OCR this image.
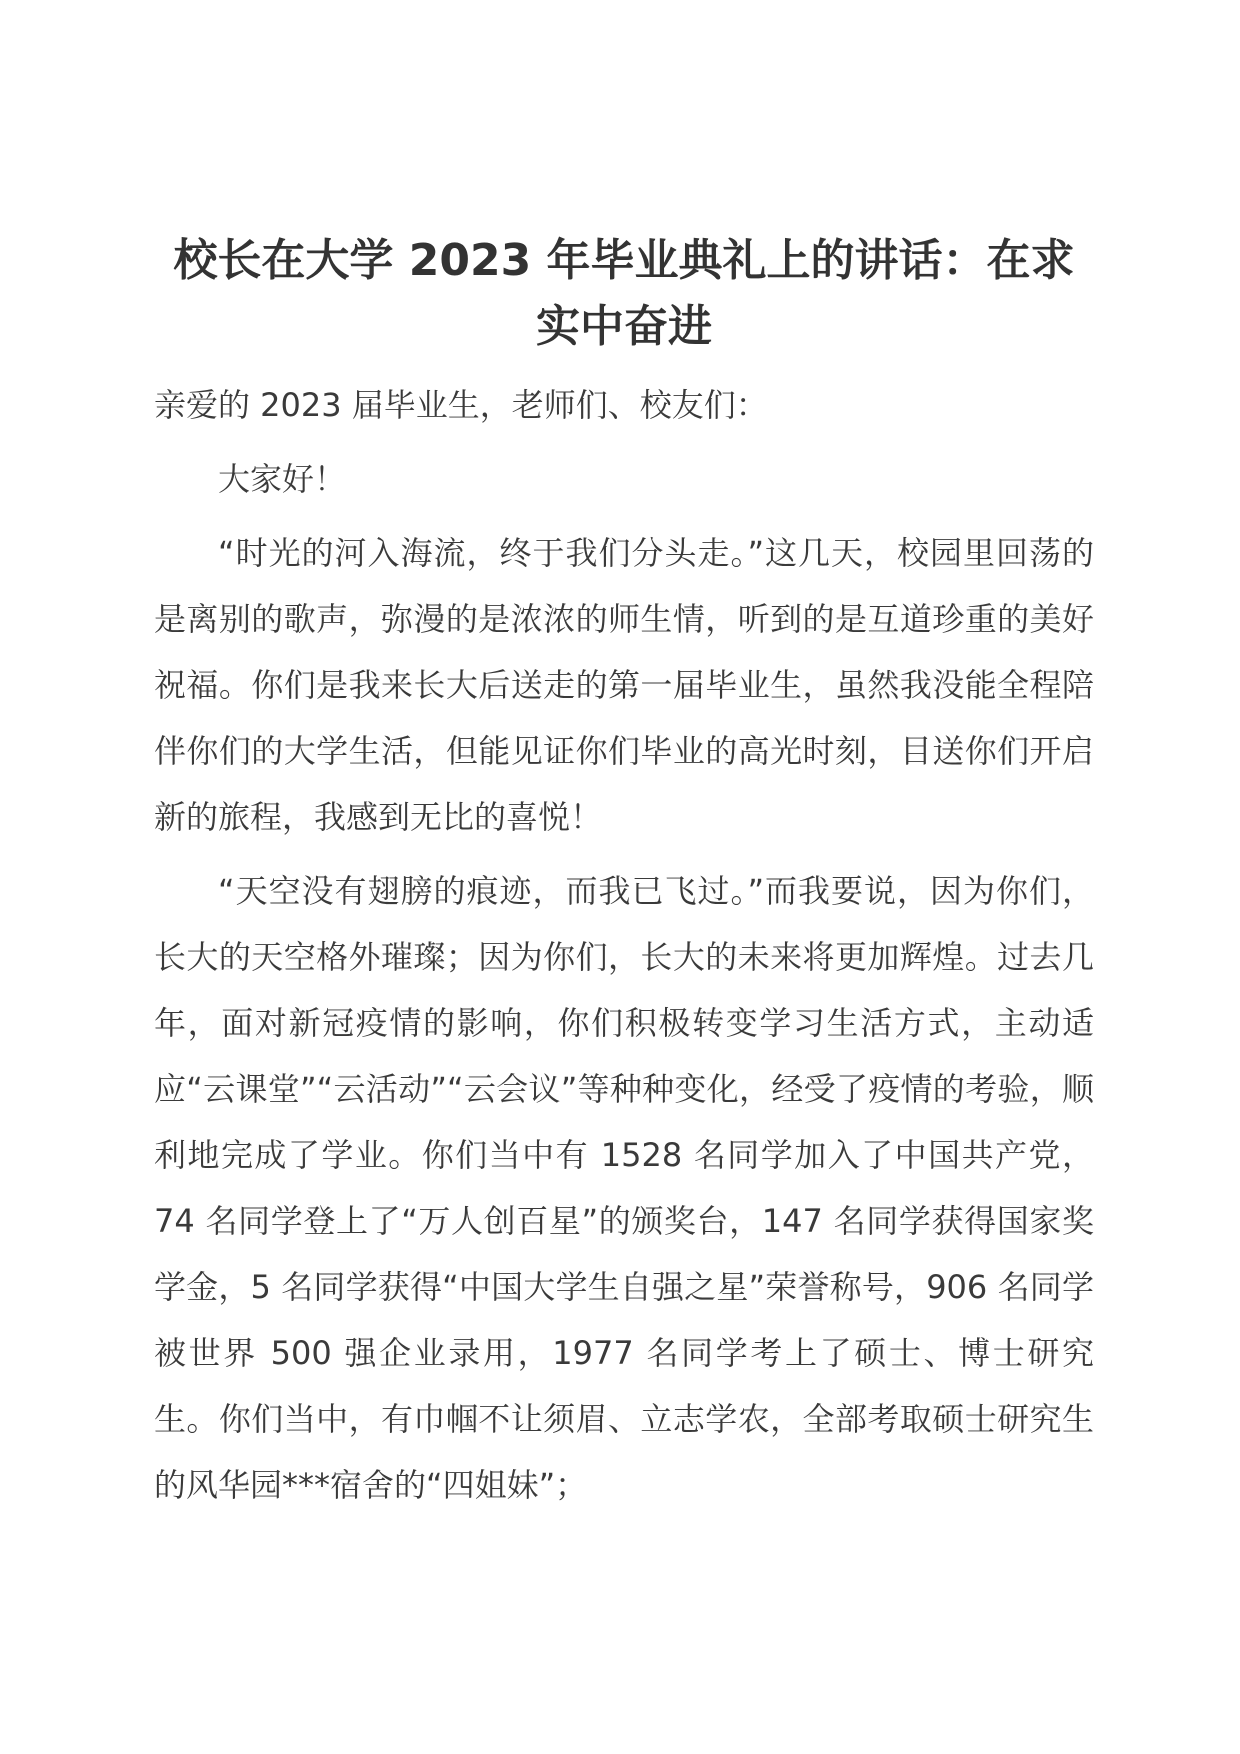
校长在大学 2023 年毕业典礼上的讲话：在求实中奋进

亲爱的 2023 届毕业生，老师们、校友们：

大家好！

“时光的河入海流，终于我们分头走。”这几天，校园里回荡的是离别的歌声，弥漫的是浓浓的师生情，听到的是互道珍重的美好祝福。你们是我来长大后送走的第一届毕业生，虽然我没能全程陪伴你们的大学生活，但能见证你们毕业的高光时刻，目送你们开启新的旅程，我感到无比的喜悦！

“天空没有翅膀的痕迹，而我已飞过。”而我要说，因为你们，长大的天空格外璀璨；因为你们，长大的未来将更加辉煌。过去几年，面对新冠疫情的影响，你们积极转变学习生活方式，主动适应“云课堂”“云活动”“云会议”等种种变化，经受了疫情的考验，顺利地完成了学业。你们当中有 1528 名同学加入了中国共产党，74 名同学登上了“万人创百星”的颁奖台，147 名同学获得国家奖学金，5 名同学获得“中国大学生自强之星”荣誉称号，906 名同学被世界 500 强企业录用，1977 名同学考上了硕士、博士研究生。你们当中，有巾帼不让须眉、立志学农，全部考取硕士研究生的风华园***宿舍的“四姐妹”；
